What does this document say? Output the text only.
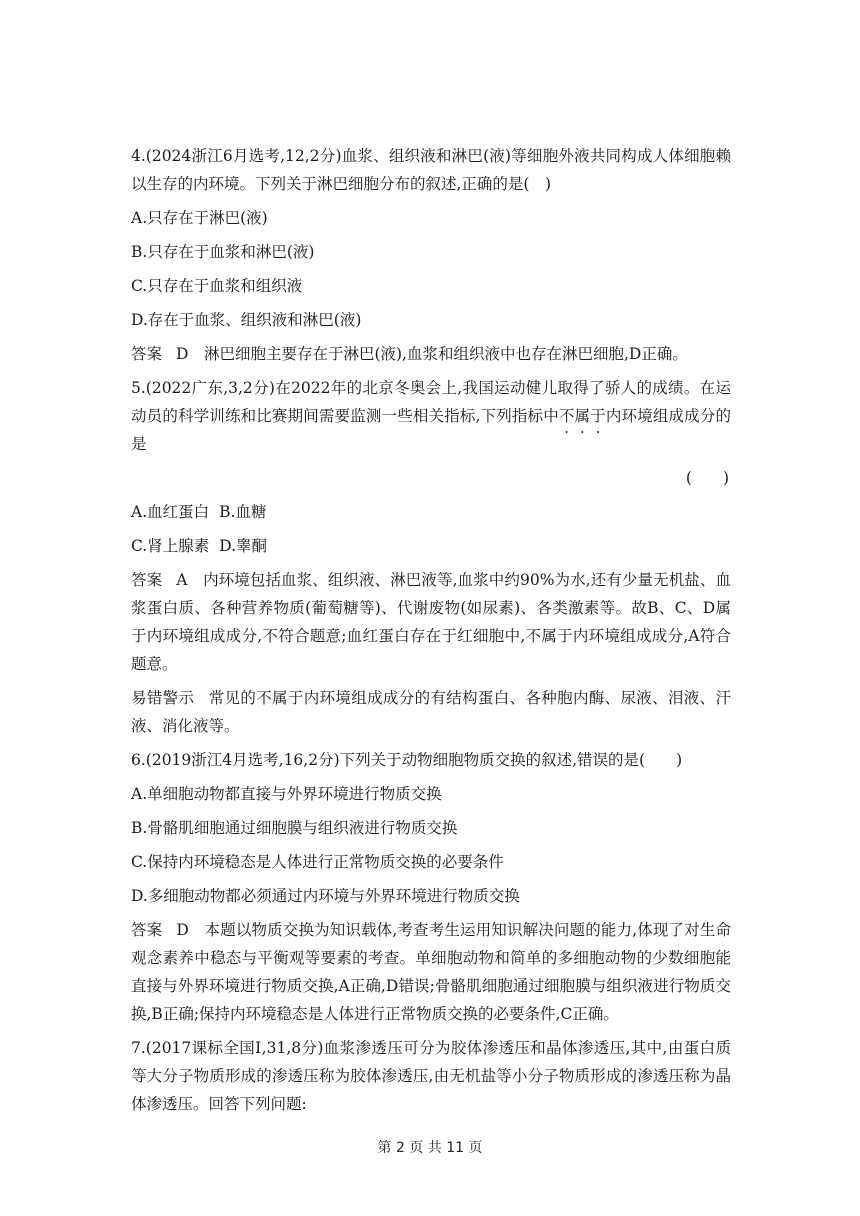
4.(2024浙江6月选考,12,2分)血浆、组织液和淋巴(液)等细胞外液共同构成人体细胞赖以生存的内环境。下列关于淋巴细胞分布的叙述,正确的是(　)

A.只存在于淋巴(液)

B.只存在于血浆和淋巴(液)

C.只存在于血浆和组织液

D.存在于血浆、组织液和淋巴(液)

答案 D　淋巴细胞主要存在于淋巴(液),血浆和组织液中也存在淋巴细胞,D正确。

5.(2022广东,3,2分)在2022年的北京冬奥会上,我国运动健儿取得了骄人的成绩。在运动员的科学训练和比赛期间需要监测一些相关指标,下列指标中不属于内环境组成成分的是

(　　)

A.血红蛋白 B.血糖

C.肾上腺素 D.睾酮

答案 A　内环境包括血浆、组织液、淋巴液等,血浆中约90%为水,还有少量无机盐、血浆蛋白质、各种营养物质(葡萄糖等)、代谢废物(如尿素)、各类激素等。故B、C、D属于内环境组成成分,不符合题意;血红蛋白存在于红细胞中,不属于内环境组成成分,A符合题意。

易错警示 常见的不属于内环境组成成分的有结构蛋白、各种胞内酶、尿液、泪液、汗液、消化液等。

6.(2019浙江4月选考,16,2分)下列关于动物细胞物质交换的叙述,错误的是(　　)

A.单细胞动物都直接与外界环境进行物质交换

B.骨骼肌细胞通过细胞膜与组织液进行物质交换

C.保持内环境稳态是人体进行正常物质交换的必要条件

D.多细胞动物都必须通过内环境与外界环境进行物质交换

答案 D　本题以物质交换为知识载体,考查考生运用知识解决问题的能力,体现了对生命观念素养中稳态与平衡观等要素的考查。单细胞动物和简单的多细胞动物的少数细胞能直接与外界环境进行物质交换,A正确,D错误;骨骼肌细胞通过细胞膜与组织液进行物质交换,B正确;保持内环境稳态是人体进行正常物质交换的必要条件,C正确。

7.(2017课标全国Ⅰ,31,8分)血浆渗透压可分为胶体渗透压和晶体渗透压,其中,由蛋白质等大分子物质形成的渗透压称为胶体渗透压,由无机盐等小分子物质形成的渗透压称为晶体渗透压。回答下列问题:

第 2 页 共 11 页
